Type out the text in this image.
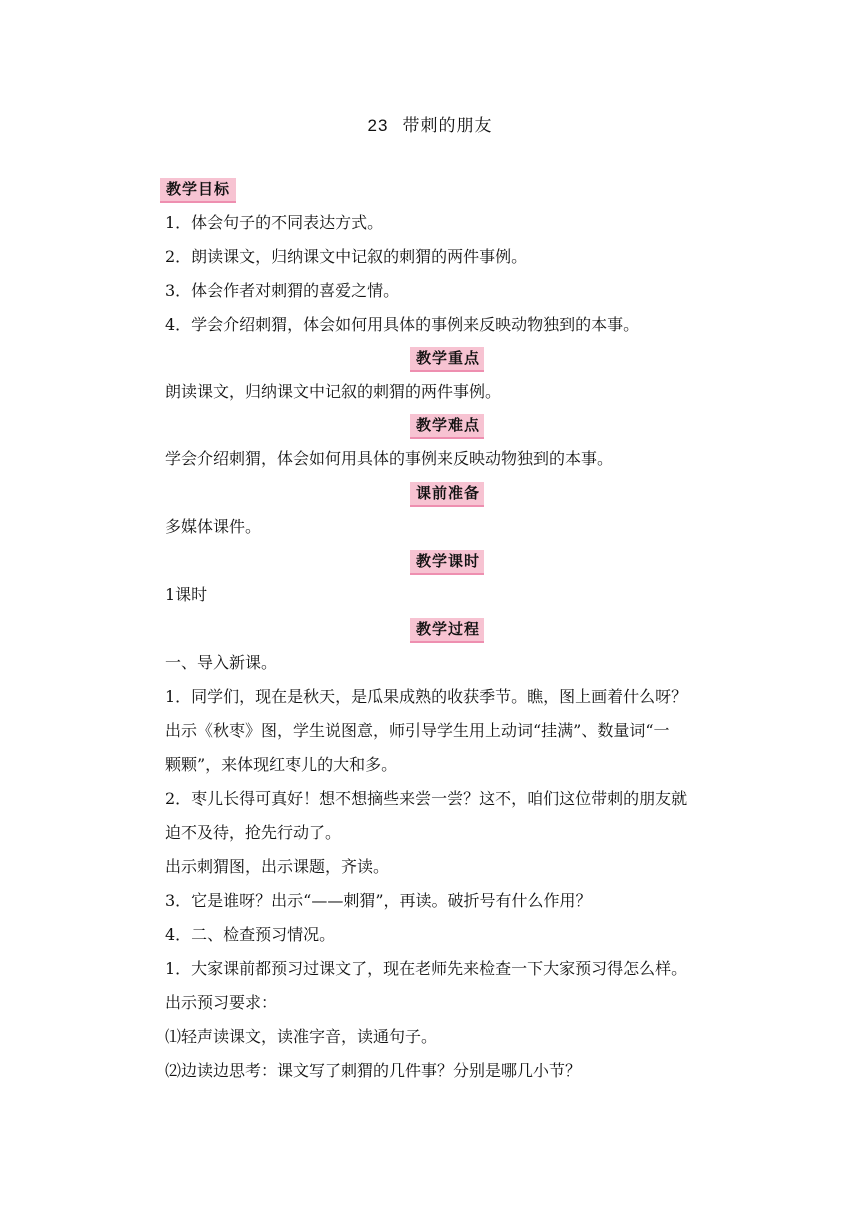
23 带刺的朋友
教学目标
1．体会句子的不同表达方式。
2．朗读课文，归纳课文中记叙的刺猬的两件事例。
3．体会作者对刺猬的喜爱之情。
4．学会介绍刺猬，体会如何用具体的事例来反映动物独到的本事。
教学重点
朗读课文，归纳课文中记叙的刺猬的两件事例。
教学难点
学会介绍刺猬，体会如何用具体的事例来反映动物独到的本事。
课前准备
多媒体课件。
教学课时
1课时
教学过程
一、导入新课。
1．同学们，现在是秋天，是瓜果成熟的收获季节。瞧，图上画着什么呀？
出示《秋枣》图，学生说图意，师引导学生用上动词“挂满”、数量词“一
颗颗”，来体现红枣儿的大和多。
2．枣儿长得可真好！想不想摘些来尝一尝？这不，咱们这位带刺的朋友就
迫不及待，抢先行动了。
出示刺猬图，出示课题，齐读。
3．它是谁呀？出示“——刺猬”，再读。破折号有什么作用？
4．二、检查预习情况。
1．大家课前都预习过课文了，现在老师先来检查一下大家预习得怎么样。
出示预习要求：
⑴轻声读课文，读准字音，读通句子。
⑵边读边思考：课文写了刺猬的几件事？分别是哪几小节？
